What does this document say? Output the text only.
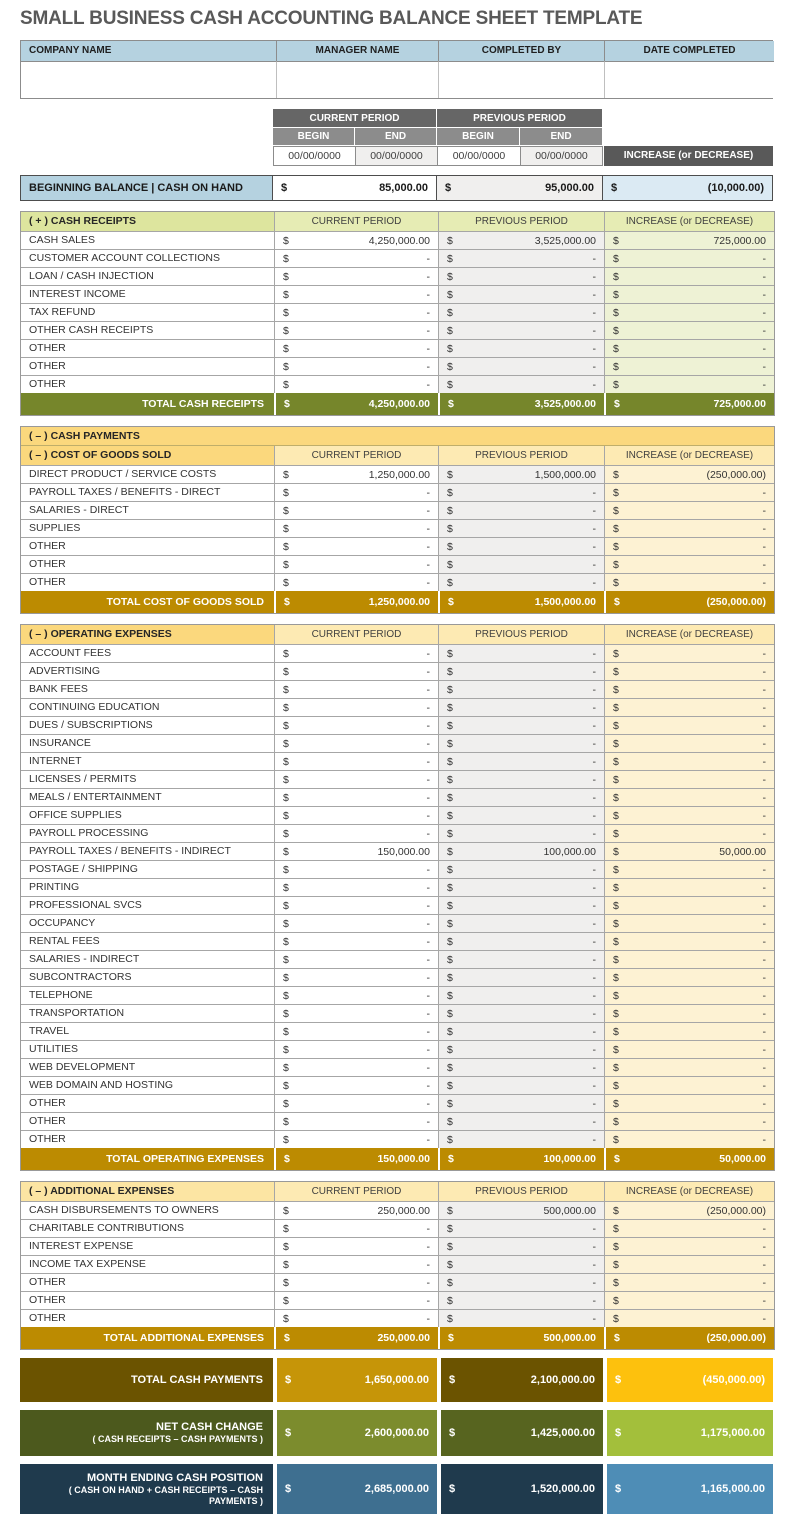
SMALL BUSINESS CASH ACCOUNTING BALANCE SHEET TEMPLATE
COMPANY NAME	MANAGER NAME	COMPLETED BY	DATE COMPLETED
CURRENT PERIOD	PREVIOUS PERIOD
BEGIN	END	BEGIN	END
00/00/0000	00/00/0000	00/00/0000	00/00/0000	INCREASE (or DECREASE)
BEGINNING BALANCE | CASH ON HAND	$	85,000.00 $	95,000.00 $	(10,000.00)
( + ) CASH RECEIPTS	CURRENT PERIOD	PREVIOUS PERIOD	INCREASE (or DECREASE)
CASH SALES	$	4,250,000.00 $	3,525,000.00 $	725,000.00
CUSTOMER ACCOUNT COLLECTIONS	$	- $	- $	-
LOAN / CASH INJECTION	$	- $	- $	-
INTEREST INCOME	$	- $	- $	-
TAX REFUND	$	- $	- $	-
OTHER CASH RECEIPTS	$	- $	- $	-
OTHER	$	- $	- $	-
OTHER	$	- $	- $	-
OTHER	$	- $	- $	-
TOTAL CASH RECEIPTS	$	4,250,000.00 $	3,525,000.00 $	725,000.00
( – ) CASH PAYMENTS
( – ) COST OF GOODS SOLD	CURRENT PERIOD	PREVIOUS PERIOD	INCREASE (or DECREASE)
DIRECT PRODUCT / SERVICE COSTS	$	1,250,000.00 $	1,500,000.00 $	(250,000.00)
PAYROLL TAXES / BENEFITS - DIRECT	$	- $	- $	-
SALARIES - DIRECT	$	- $	- $	-
SUPPLIES	$	- $	- $	-
OTHER	$	- $	- $	-
OTHER	$	- $	- $	-
OTHER	$	- $	- $	-
TOTAL COST OF GOODS SOLD	$	1,250,000.00 $	1,500,000.00 $	(250,000.00)
( – ) OPERATING EXPENSES	CURRENT PERIOD	PREVIOUS PERIOD	INCREASE (or DECREASE)
ACCOUNT FEES	$	- $	- $	-
ADVERTISING	$	- $	- $	-
BANK FEES	$	- $	- $	-
CONTINUING EDUCATION	$	- $	- $	-
DUES / SUBSCRIPTIONS	$	- $	- $	-
INSURANCE	$	- $	- $	-
INTERNET	$	- $	- $	-
LICENSES / PERMITS	$	- $	- $	-
MEALS / ENTERTAINMENT	$	- $	- $	-
OFFICE SUPPLIES	$	- $	- $	-
PAYROLL PROCESSING	$	- $	- $	-
PAYROLL TAXES / BENEFITS - INDIRECT	$	150,000.00 $	100,000.00 $	50,000.00
POSTAGE / SHIPPING	$	- $	- $	-
PRINTING	$	- $	- $	-
PROFESSIONAL SVCS	$	- $	- $	-
OCCUPANCY	$	- $	- $	-
RENTAL FEES	$	- $	- $	-
SALARIES - INDIRECT	$	- $	- $	-
SUBCONTRACTORS	$	- $	- $	-
TELEPHONE	$	- $	- $	-
TRANSPORTATION	$	- $	- $	-
TRAVEL	$	- $	- $	-
UTILITIES	$	- $	- $	-
WEB DEVELOPMENT	$	- $	- $	-
WEB DOMAIN AND HOSTING	$	- $	- $	-
OTHER	$	- $	- $	-
OTHER	$	- $	- $	-
OTHER	$	- $	- $	-
TOTAL OPERATING EXPENSES	$	150,000.00 $	100,000.00 $	50,000.00
( – ) ADDITIONAL EXPENSES	CURRENT PERIOD	PREVIOUS PERIOD	INCREASE (or DECREASE)
CASH DISBURSEMENTS TO OWNERS	$	250,000.00 $	500,000.00 $	(250,000.00)
CHARITABLE CONTRIBUTIONS	$	- $	- $	-
INTEREST EXPENSE	$	- $	- $	-
INCOME TAX EXPENSE	$	- $	- $	-
OTHER	$	- $	- $	-
OTHER	$	- $	- $	-
OTHER	$	- $	- $	-
TOTAL ADDITIONAL EXPENSES	$	250,000.00 $	500,000.00 $	(250,000.00)
TOTAL CASH PAYMENTS $	1,650,000.00 $	2,100,000.00 $	(450,000.00)
NET CASH CHANGE
( CASH RECEIPTS – CASH PAYMENTS ) $	2,600,000.00 $	1,425,000.00 $	1,175,000.00
MONTH ENDING CASH POSITION
( CASH ON HAND + CASH RECEIPTS – CASH PAYMENTS )
$	2,685,000.00 $	1,520,000.00 $	1,165,000.00
